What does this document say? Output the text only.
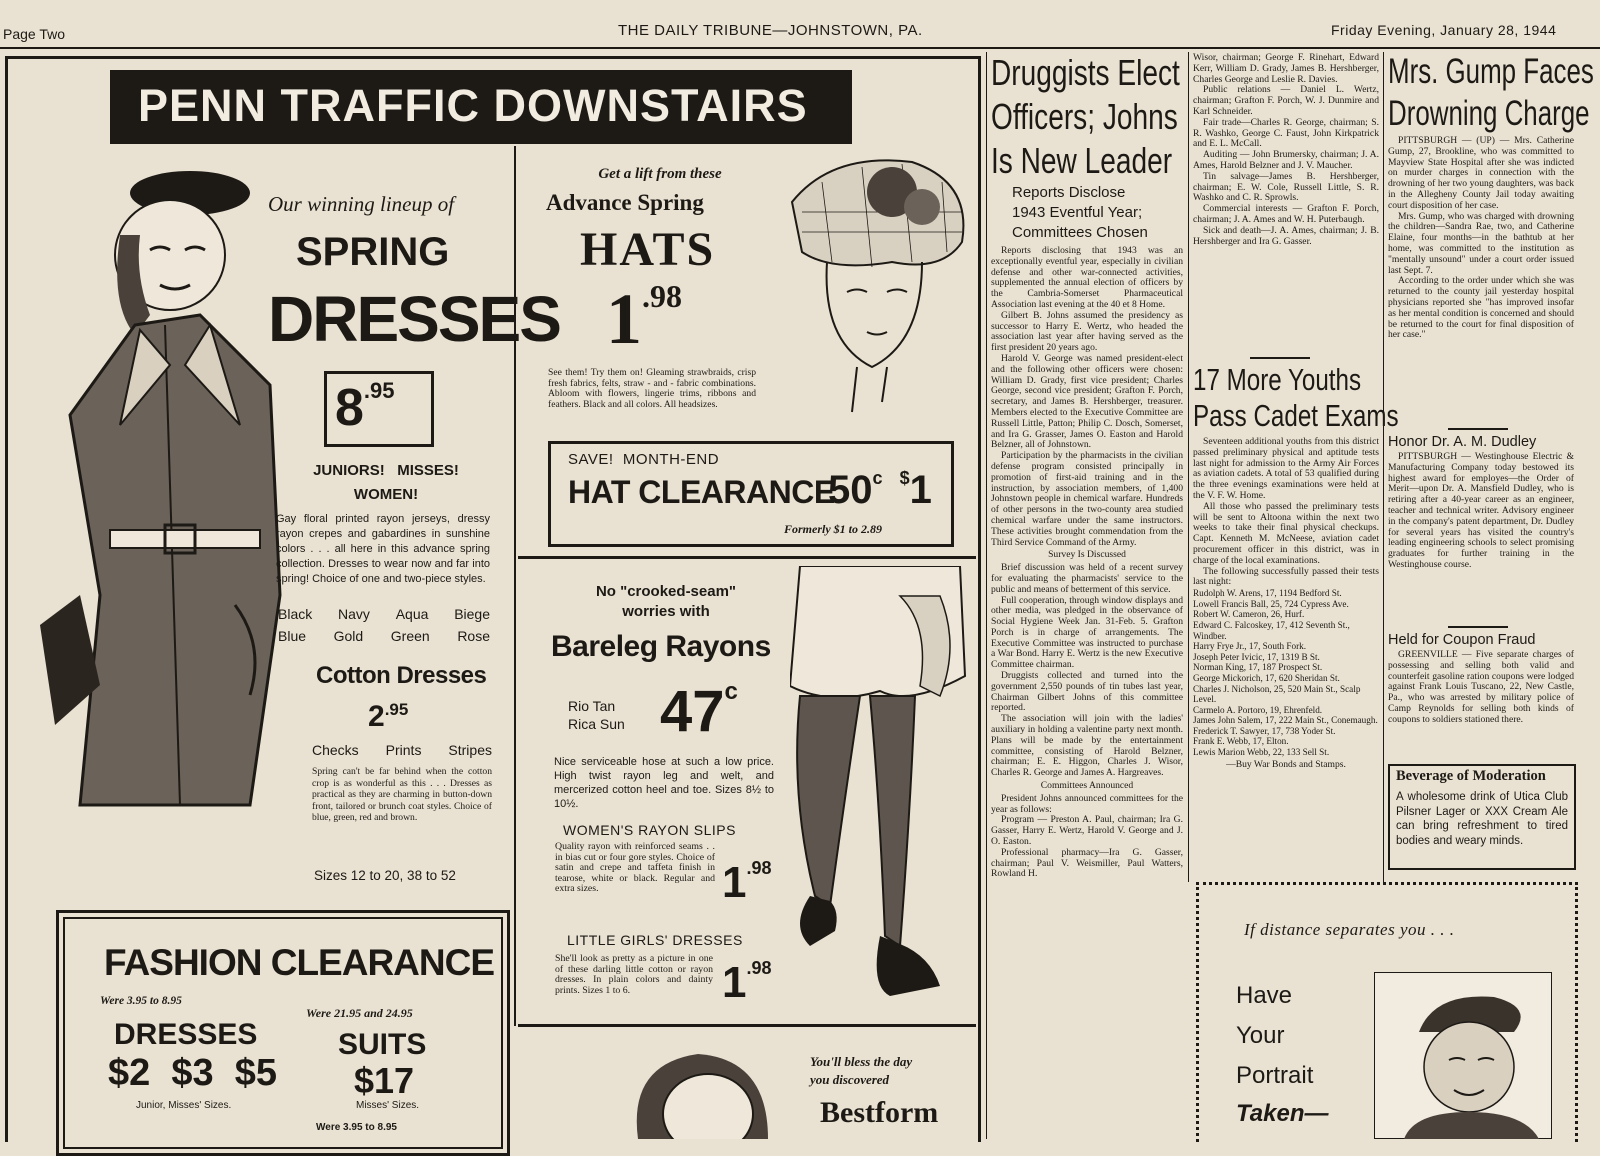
Page Two	THE DAILY TRIBUNE—JOHNSTOWN, PA.	Friday Evening, January 28, 1944
PENN TRAFFIC DOWNSTAIRS
Our winning lineup of
SPRING
DRESSES
$8^{.95}$
JUNIORS!   MISSES!
WOMEN!
Gay floral printed rayon jerseys, dressy rayon crepes and gabardines in sunshine colors . . . all here in this advance spring collection. Dresses to wear now and far into spring! Choice of one and two-piece styles.
Black Navy Aqua Biege
Blue Gold Green Rose
Cotton Dresses
$2^{.95}$
Checks Prints Stripes
Spring can't be far behind when the cotton crop is as wonderful as this . . . Dresses as practical as they are charming in button-down front, tailored or brunch coat styles. Choice of blue, green, red and brown.
Sizes 12 to 20, 38 to 52
FASHION CLEARANCE
Were 3.95 to 8.95
Were 21.95 and 24.95
DRESSES	SUITS
$2  $3  $5 $17
Junior, Misses' Sizes.	Misses' Sizes.
Were 3.95 to 8.95
Get a lift from these
Advance Spring
HATS
$1^{.98}$
See them! Try them on! Gleaming strawbraids, crisp fresh fabrics, felts, straw - and - fabric combinations. Abloom with flowers, lingerie trims, ribbons and feathers. Black and all colors. All headsizes.
SAVE!  MONTH-END
HAT CLEARANCE
50$^c$ $1
Formerly $1 to 2.89
No "crooked-seam"
worries with
Bareleg Rayons
Rio Tan
Rica Sun 47$^c$
Nice serviceable hose at such a low price. High twist rayon leg and welt, and mercerized cotton heel and toe. Sizes 8½ to 10½.
WOMEN'S RAYON SLIPS
Quality rayon with reinforced seams . . in bias cut or four gore styles. Choice of satin and crepe and taffeta finish in tearose, white or black. Regular and extra sizes.	$1^{.98}$
LITTLE GIRLS' DRESSES
She'll look as pretty as a picture in one of these darling little cotton or rayon dresses. In plain colors and dainty prints. Sizes 1 to 6.	$1^{.98}$
You'll bless the day
you discovered
Bestform
Druggists Elect
Officers; Johns
Is New Leader
Reports Disclose
1943 Eventful Year;
Committees Chosen
Reports disclosing that 1943 was an exceptionally eventful year, especially in civilian defense and other war-connected activities, supplemented the annual election of officers by the Cambria-Somerset Pharmaceutical Association last evening at the 40 et 8 Home.
Gilbert B. Johns assumed the presidency as successor to Harry E. Wertz, who headed the association last year after having served as the first president 20 years ago.
Harold V. George was named president-elect and the following other officers were chosen: William D. Grady, first vice president; Charles George, second vice president; Grafton F. Porch, secretary, and James B. Hershberger, treasurer. Members elected to the Executive Committee are Russell Little, Patton; Philip C. Dosch, Somerset, and Ira G. Grasser, James O. Easton and Harold Belzner, all of Johnstown.
Participation by the pharmacists in the civilian defense program consisted principally in promotion of first-aid training and in the instruction, by association members, of 1,400 Johnstown people in chemical warfare. Hundreds of other persons in the two-county area studied chemical warfare under the same instructors. These activities brought commendation from the Third Service Command of the Army.
Survey Is Discussed
Brief discussion was held of a recent survey for evaluating the pharmacists' service to the public and means of betterment of this service.
Full cooperation, through window displays and other media, was pledged in the observance of Social Hygiene Week Jan. 31-Feb. 5. Grafton Porch is in charge of arrangements. The Executive Committee was instructed to purchase a War Bond. Harry E. Wertz is the new Executive Committee chairman.
Druggists collected and turned into the government 2,550 pounds of tin tubes last year, Chairman Gilbert Johns of this committee reported.
The association will join with the ladies' auxiliary in holding a valentine party next month. Plans will be made by the entertainment committee, consisting of Harold Belzner, chairman; E. E. Higgon, Charles J. Wisor, Charles R. George and James A. Hargreaves.
Committees Announced
President Johns announced committees for the year as follows:
Program — Preston A. Paul, chairman; Ira G. Gasser, Harry E. Wertz, Harold V. George and J. O. Easton.
Professional pharmacy—Ira G. Gasser, chairman; Paul V. Weismiller, Paul Watters, Rowland H.
Wisor, chairman; George F. Rinehart, Edward Kerr, William D. Grady, James B. Hershberger, Charles George and Leslie R. Davies.
Public relations — Daniel L. Wertz, chairman; Grafton F. Porch, W. J. Dunmire and Karl Schneider.
Fair trade—Charles R. George, chairman; S. R. Washko, George C. Faust, John Kirkpatrick and E. L. McCall.
Auditing — John Brumersky, chairman; J. A. Ames, Harold Belzner and J. V. Maucher.
Tin salvage—James B. Hershberger, chairman; E. W. Cole, Russell Little, S. R. Washko and C. R. Sprowls.
Commercial interests — Grafton F. Porch, chairman; J. A. Ames and W. H. Puterbaugh.
Sick and death—J. A. Ames, chairman; J. B. Hershberger and Ira G. Gasser.
17 More Youths
Pass Cadet Exams
Seventeen additional youths from this district passed preliminary physical and aptitude tests last night for admission to the Army Air Forces as aviation cadets. A total of 53 qualified during the three evenings examinations were held at the V. F. W. Home.
All those who passed the preliminary tests will be sent to Altoona within the next two weeks to take their final physical checkups. Capt. Kenneth M. McNeese, aviation cadet procurement officer in this district, was in charge of the local examinations.
The following successfully passed their tests last night:
Rudolph W. Arens, 17, 1194 Bedford St.
Lowell Francis Ball, 25, 724 Cypress Ave.
Robert W. Cameron, 26, Hurf.
Edward C. Falcoskey, 17, 412 Seventh St., Windber.
Harry Frye Jr., 17, South Fork.
Joseph Peter Ivicic, 17, 1319 B St.
Norman King, 17, 187 Prospect St.
George Mickorich, 17, 620 Sheridan St.
Charles J. Nicholson, 25, 520 Main St., Scalp Level.
Carmelo A. Portoro, 19, Ehrenfeld.
James John Salem, 17, 222 Main St., Conemaugh.
Frederick T. Sawyer, 17, 738 Yoder St.
Frank E. Webb, 17, Elton.
Lewis Marion Webb, 22, 133 Sell St.
—Buy War Bonds and Stamps.
Mrs. Gump Faces
Drowning Charge
PITTSBURGH — (UP) — Mrs. Catherine Gump, 27, Brookline, who was committed to Mayview State Hospital after she was indicted on murder charges in connection with the drowning of her two young daughters, was back in the Allegheny County Jail today awaiting court disposition of her case.
Mrs. Gump, who was charged with drowning the children—Sandra Rae, two, and Catherine Elaine, four months—in the bathtub at her home, was committed to the institution as "mentally unsound" under a court order issued last Sept. 7.
According to the order under which she was returned to the county jail yesterday hospital physicians reported she "has improved insofar as her mental condition is concerned and should be returned to the court for final disposition of her case."
Honor Dr. A. M. Dudley
PITTSBURGH — Westinghouse Electric & Manufacturing Company today bestowed its highest award for employes—the Order of Merit—upon Dr. A. Mansfield Dudley, who is retiring after a 40-year career as an engineer, teacher and technical writer. Advisory engineer in the company's patent department, Dr. Dudley for several years has visited the country's leading engineering schools to select promising graduates for further training in the Westinghouse course.
Held for Coupon Fraud
GREENVILLE — Five separate charges of possessing and selling both valid and counterfeit gasoline ration coupons were lodged against Frank Louis Tuscano, 22, New Castle, Pa., who was arrested by military police of Camp Reynolds for selling both kinds of coupons to soldiers stationed there.
Beverage of Moderation
A wholesome drink of Utica Club Pilsner Lager or XXX Cream Ale can bring refreshment to tired bodies and weary minds.
If distance separates you . . .
Have
Your
Portrait
Taken—
